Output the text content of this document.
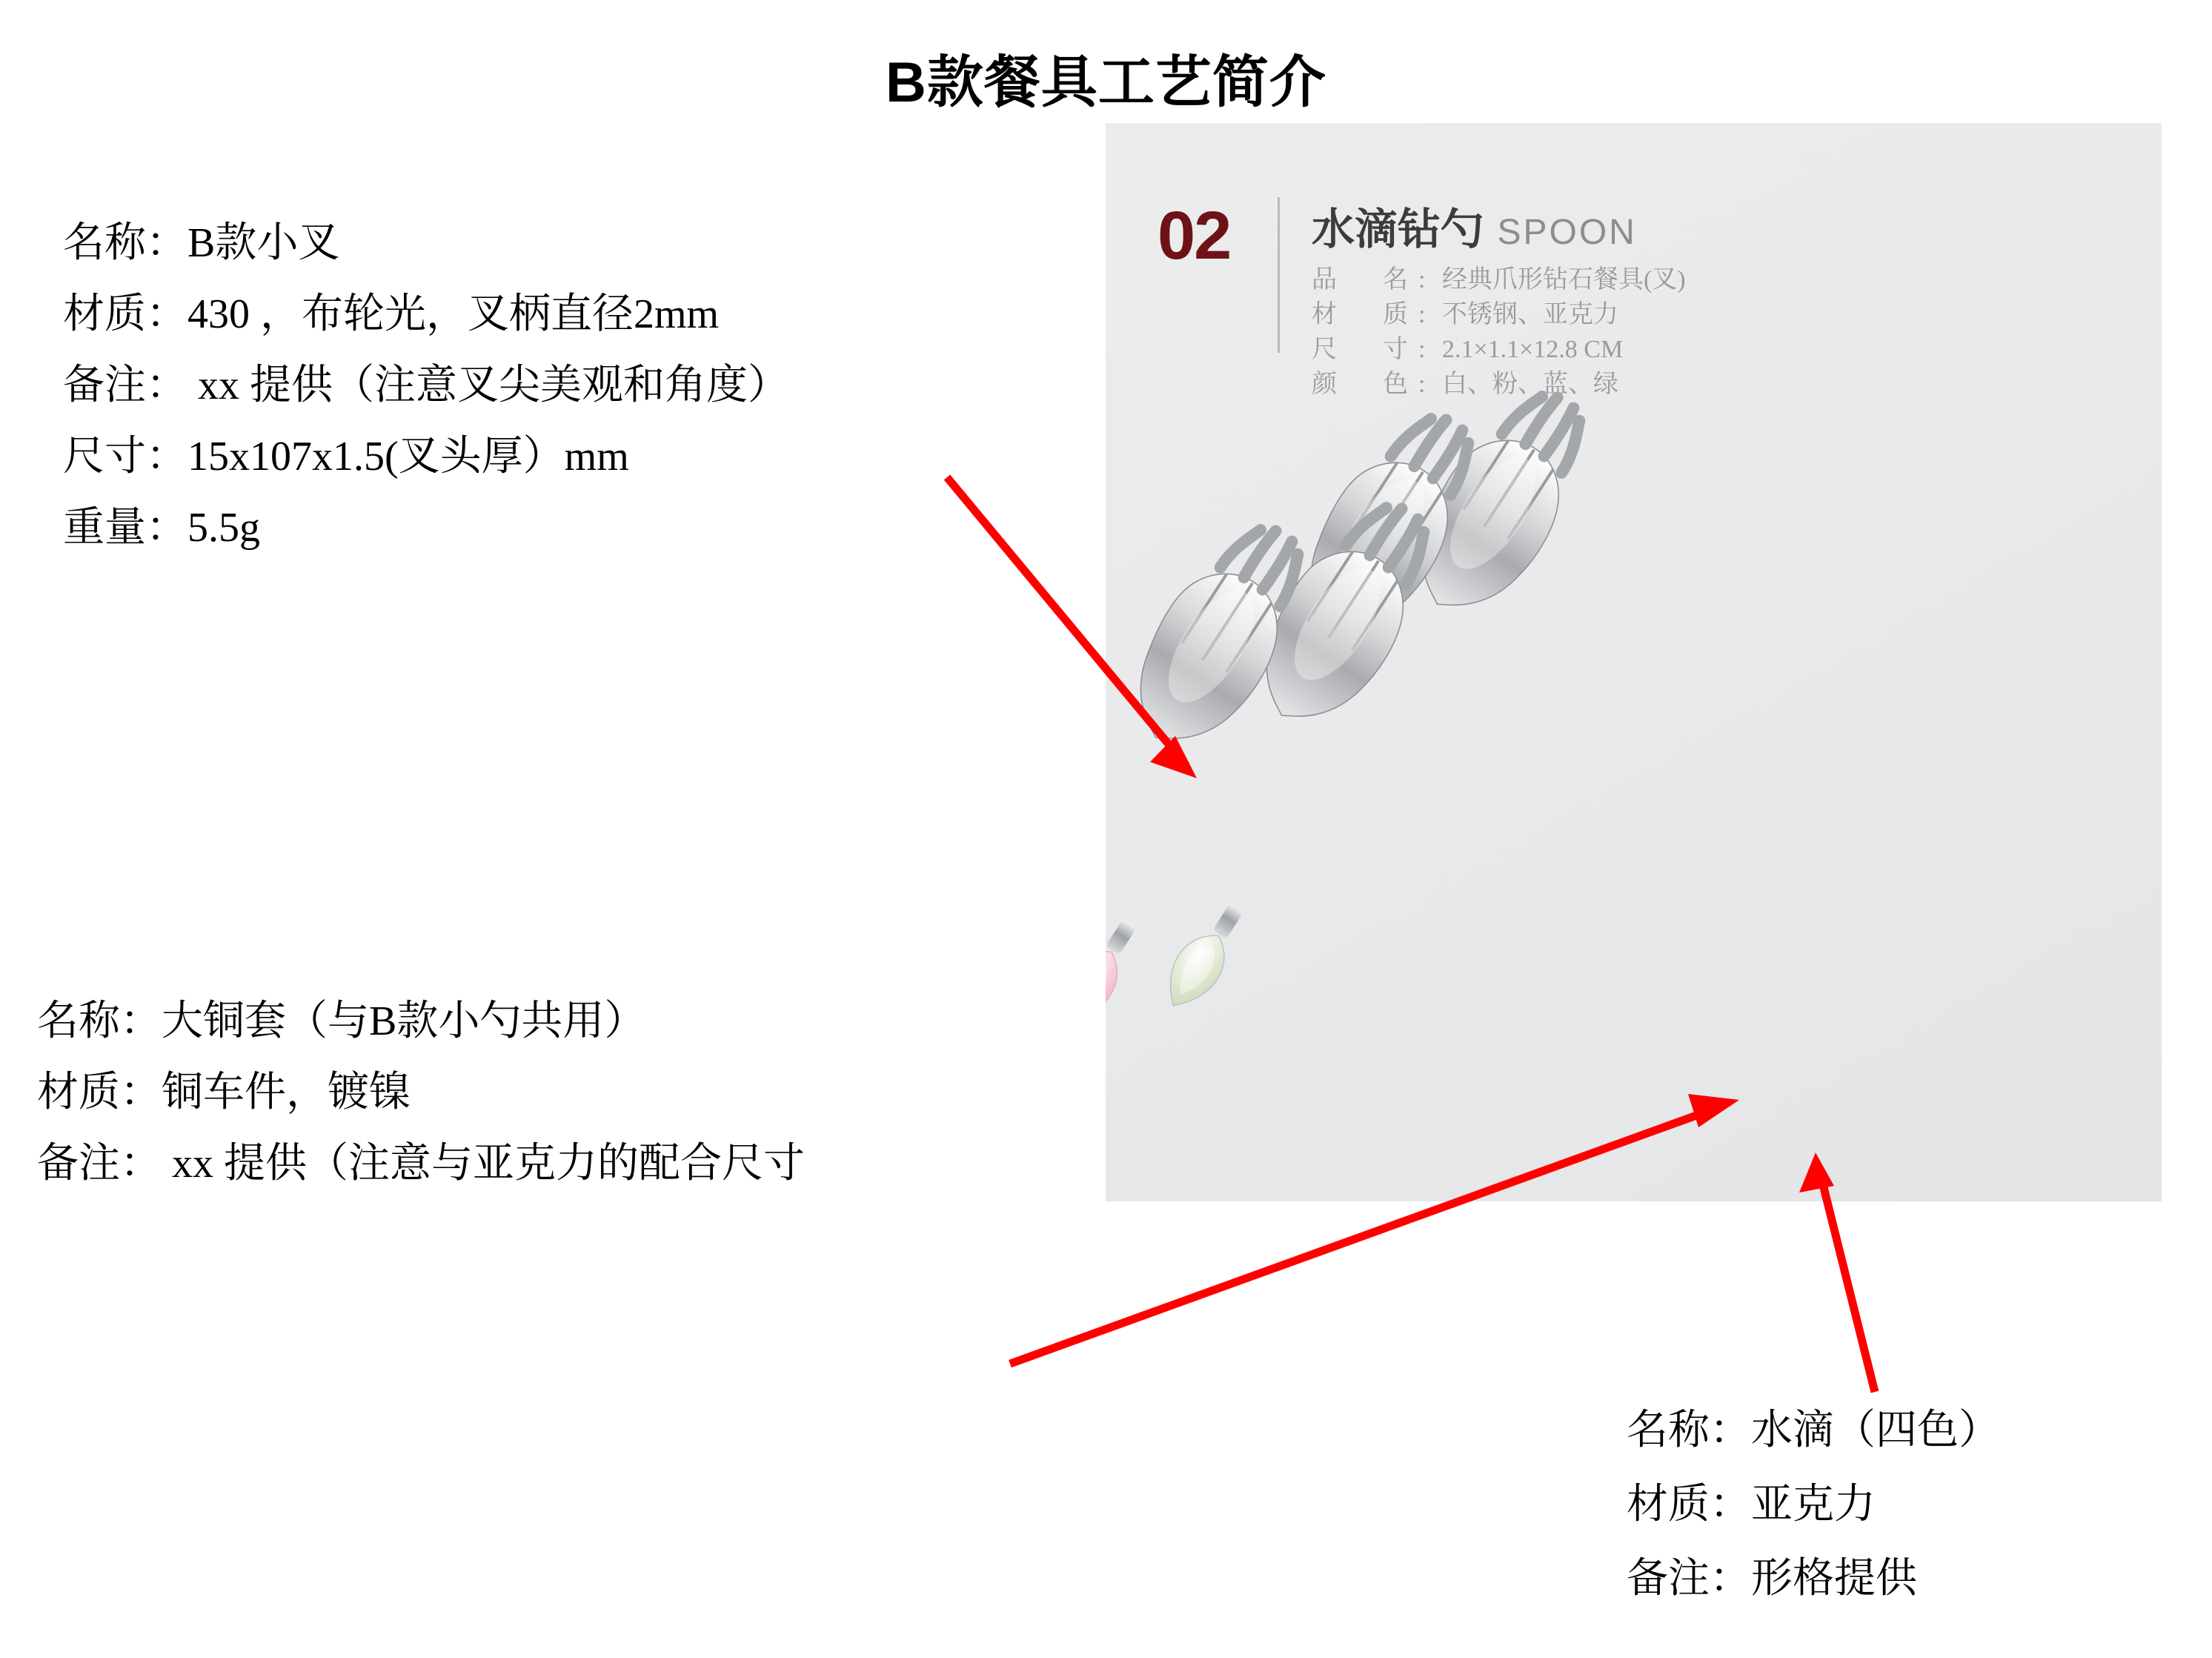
B款餐具工艺简介
名称：B款小叉
材质：430 ，布轮光，叉柄直径2mm
备注： xx 提供（注意叉尖美观和角度）
尺寸：15x107x1.5(叉头厚）mm
重量：5.5g
名称：大铜套（与B款小勺共用）
材质：铜车件，镀镍
备注： xx 提供（注意与亚克力的配合尺寸
名称：水滴（四色）
材质：亚克力
备注：形格提供
02 水滴钻勺 SPOON
品　名: 经典爪形钻石餐具(叉)
材　质: 不锈钢、亚克力
尺　寸: 2.1×1.1×12.8 CM
颜　色: 白、粉、蓝、绿
